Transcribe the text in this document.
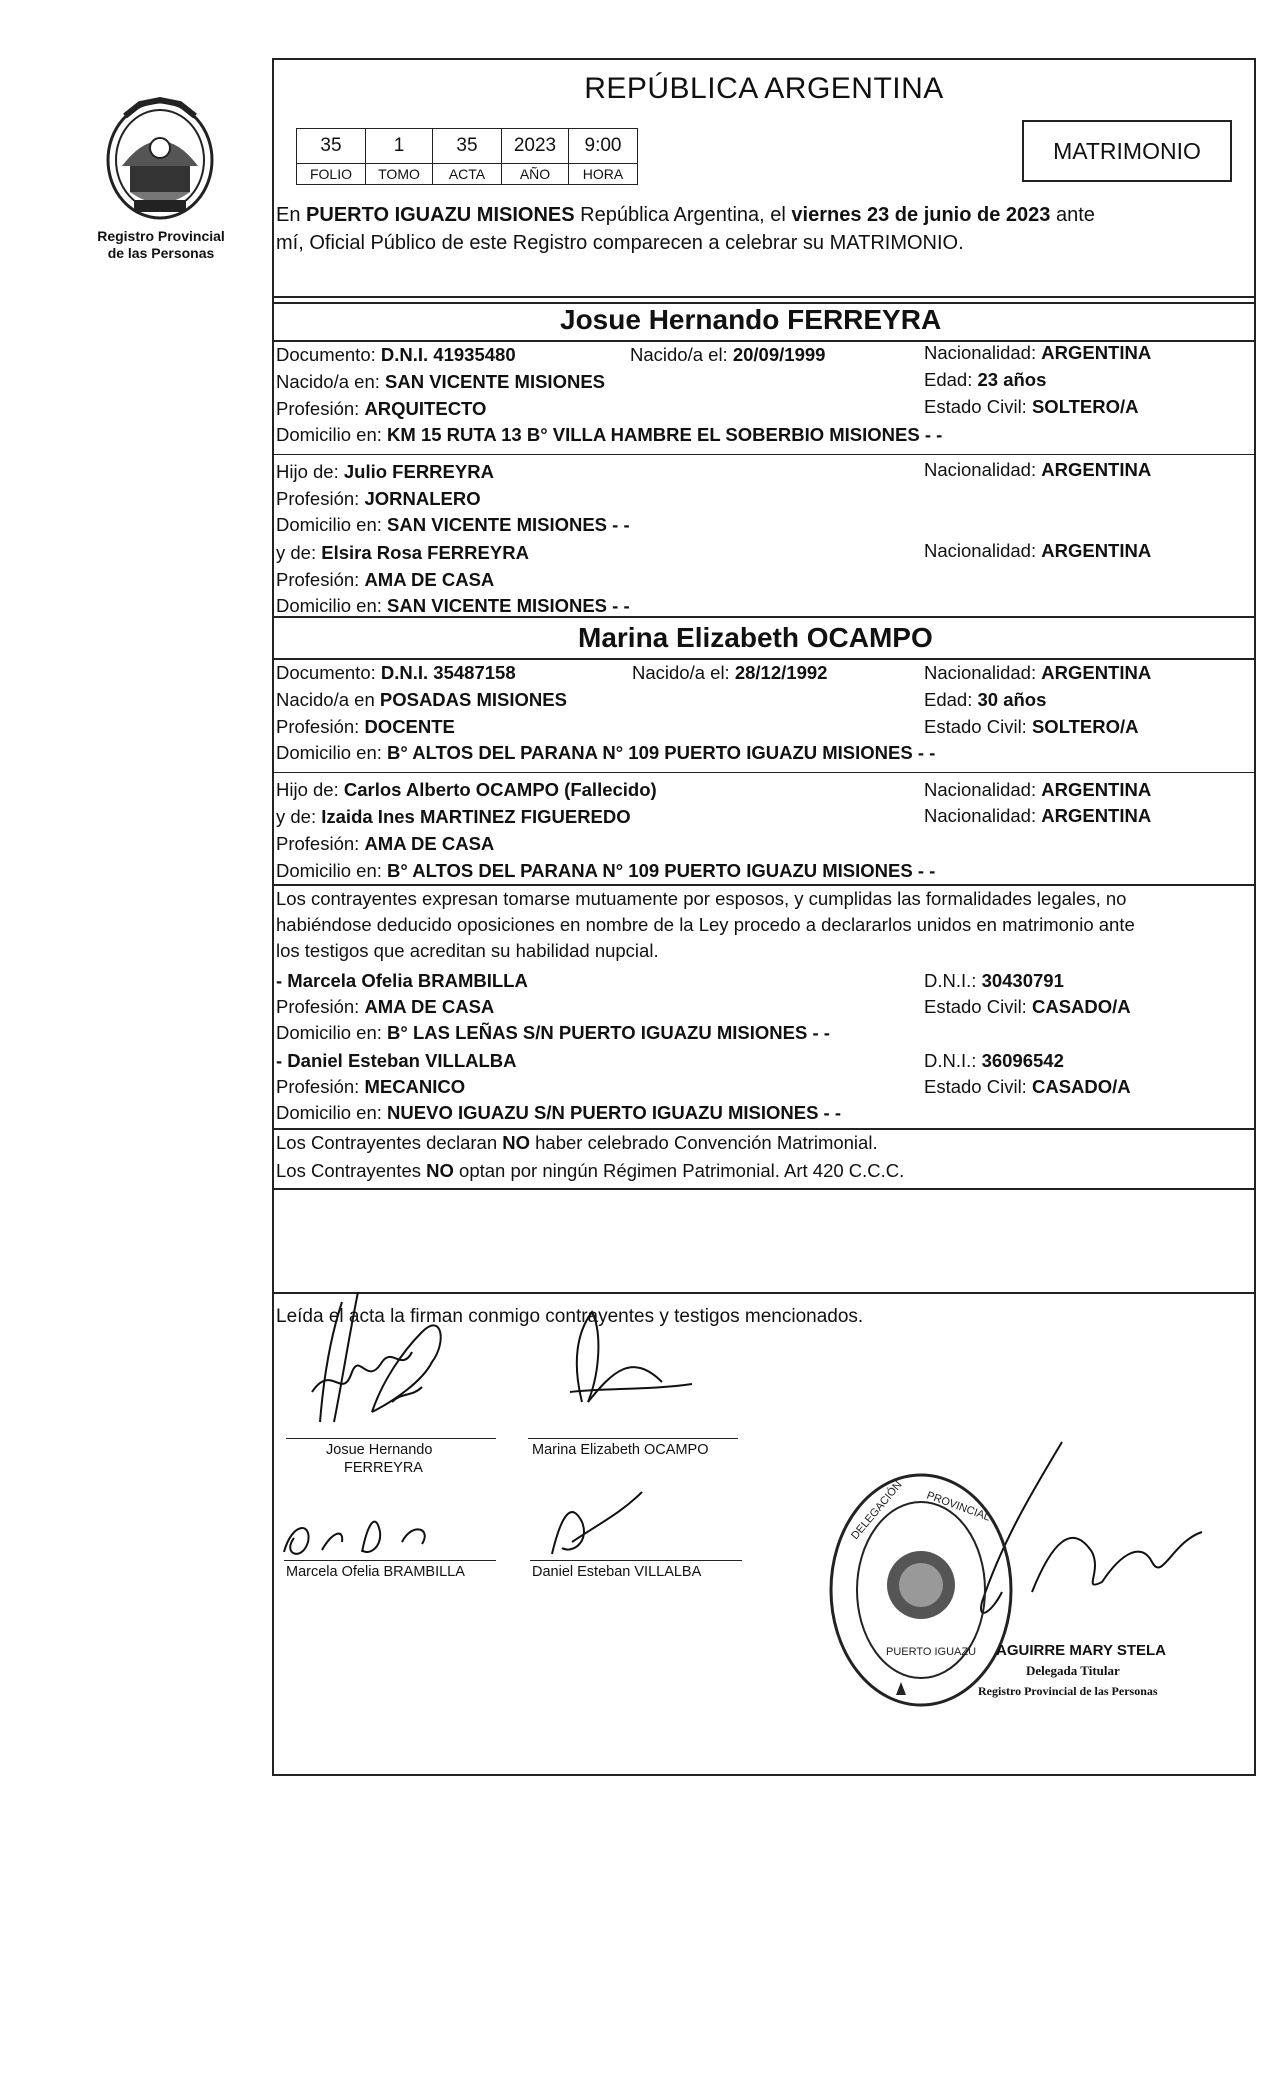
Registro Provincial
de las Personas
REPÚBLICA ARGENTINA
35	1	35	2023	9:00
FOLIO	TOMO	ACTA	AÑO	HORA
MATRIMONIO
En PUERTO IGUAZU MISIONES República Argentina, el viernes 23 de junio de 2023 ante
mí, Oficial Público de este Registro comparecen a celebrar su MATRIMONIO.
Josue Hernando FERREYRA
Documento: D.N.I. 41935480	Nacido/a el: 20/09/1999	Nacionalidad: ARGENTINA
Nacido/a en: SAN VICENTE MISIONES	Edad: 23 años
Profesión: ARQUITECTO	Estado Civil: SOLTERO/A
Domicilio en: KM 15 RUTA 13 B° VILLA HAMBRE EL SOBERBIO MISIONES - -
Hijo de: Julio FERREYRA	Nacionalidad: ARGENTINA
Profesión: JORNALERO
Domicilio en: SAN VICENTE MISIONES - -
y de: Elsira Rosa FERREYRA	Nacionalidad: ARGENTINA
Profesión: AMA DE CASA
Domicilio en: SAN VICENTE MISIONES - -
Marina Elizabeth OCAMPO
Documento: D.N.I. 35487158	Nacido/a el: 28/12/1992	Nacionalidad: ARGENTINA
Nacido/a en POSADAS MISIONES	Edad: 30 años
Profesión: DOCENTE	Estado Civil: SOLTERO/A
Domicilio en: B° ALTOS DEL PARANA N° 109 PUERTO IGUAZU MISIONES - -
Hijo de: Carlos Alberto OCAMPO (Fallecido)	Nacionalidad: ARGENTINA
y de: Izaida Ines MARTINEZ FIGUEREDO	Nacionalidad: ARGENTINA
Profesión: AMA DE CASA
Domicilio en: B° ALTOS DEL PARANA N° 109 PUERTO IGUAZU MISIONES - -
Los contrayentes expresan tomarse mutuamente por esposos, y cumplidas las formalidades legales, no
habiéndose deducido oposiciones en nombre de la Ley procedo a declararlos unidos en matrimonio ante
los testigos que acreditan su habilidad nupcial.
- Marcela Ofelia BRAMBILLA	D.N.I.: 30430791
Profesión: AMA DE CASA	Estado Civil: CASADO/A
Domicilio en: B° LAS LEÑAS S/N PUERTO IGUAZU MISIONES - -
- Daniel Esteban VILLALBA	D.N.I.: 36096542
Profesión: MECANICO	Estado Civil: CASADO/A
Domicilio en: NUEVO IGUAZU S/N PUERTO IGUAZU MISIONES - -
Los Contrayentes declaran NO haber celebrado Convención Matrimonial.
Los Contrayentes NO optan por ningún Régimen Patrimonial. Art 420 C.C.C.
Leída el acta la firman conmigo contrayentes y testigos mencionados.
Josue Hernando
FERREYRA
Marina Elizabeth OCAMPO
Marcela Ofelia BRAMBILLA	Daniel Esteban VILLALBA
DELEGACIÓN PROVINCIAL
PUERTO IGUAZU AGUIRRE MARY STELA
Delegada Titular
Registro Provincial de las Personas
